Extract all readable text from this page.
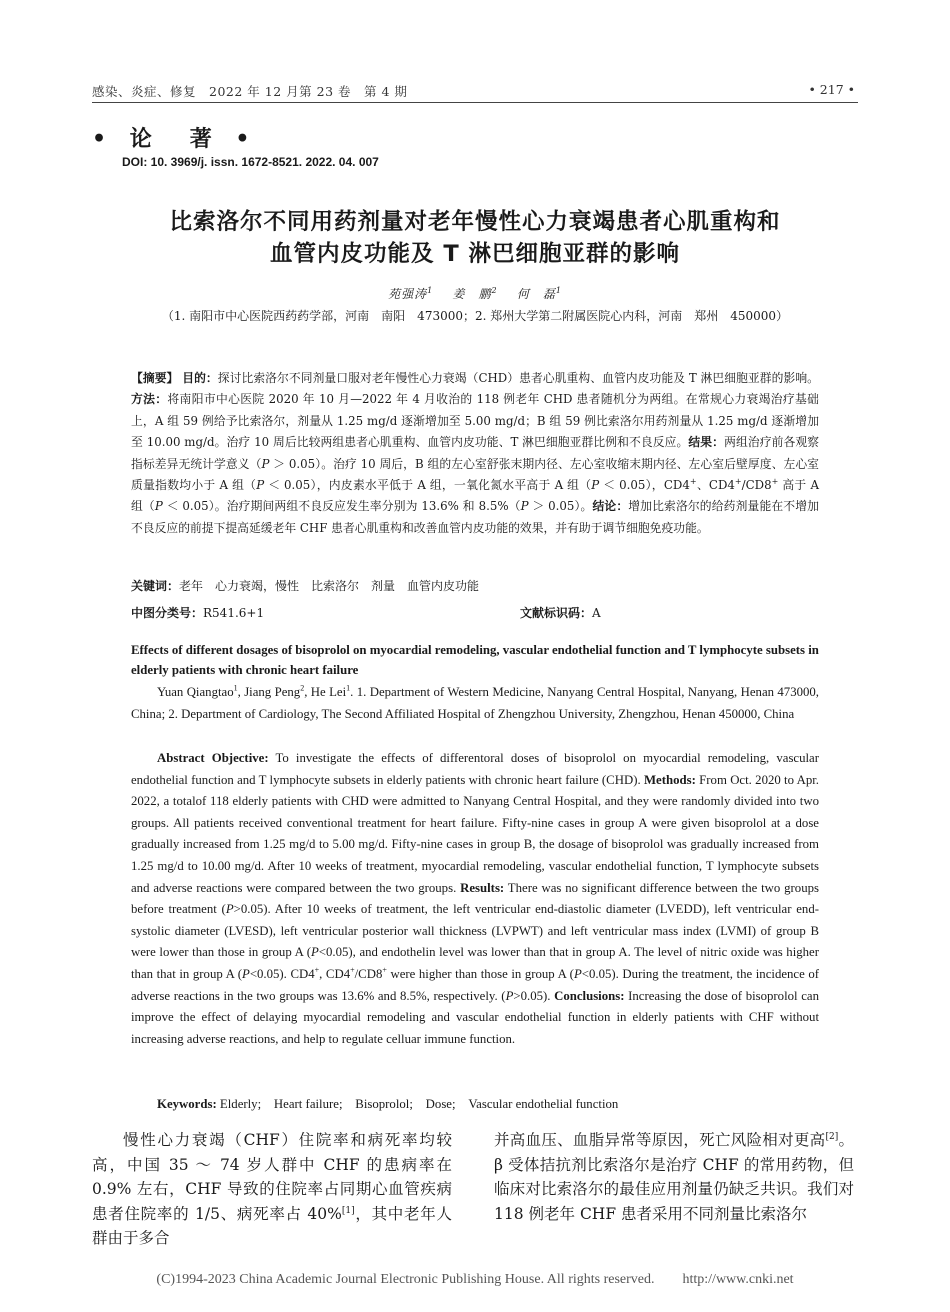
感染、炎症、修复　2022 年 12 月第 23 卷　第 4 期	• 217 •
• 论　著 •
DOI: 10. 3969/j. issn. 1672-8521. 2022. 04. 007
比索洛尔不同用药剂量对老年慢性心力衰竭患者心肌重构和
血管内皮功能及 T 淋巴细胞亚群的影响
苑强涛$^1$ 姜　鹏$^2$ 何　磊$^1$
（1. 南阳市中心医院西药药学部，河南　南阳　473000；2. 郑州大学第二附属医院心内科，河南　郑州　450000）
【摘要】 目的：探讨比索洛尔不同剂量口服对老年慢性心力衰竭（CHD）患者心肌重构、血管内皮功能及 T 淋巴细胞亚群的影响。方法：将南阳市中心医院 2020 年 10 月—2022 年 4 月收治的 118 例老年 CHD 患者随机分为两组。在常规心力衰竭治疗基础上，A 组 59 例给予比索洛尔，剂量从 1.25 mg/d 逐渐增加至 5.00 mg/d；B 组 59 例比索洛尔用药剂量从 1.25 mg/d 逐渐增加至 10.00 mg/d。治疗 10 周后比较两组患者心肌重构、血管内皮功能、T 淋巴细胞亚群比例和不良反应。结果：两组治疗前各观察指标差异无统计学意义（P ＞ 0.05）。治疗 10 周后，B 组的左心室舒张末期内径、左心室收缩末期内径、左心室后壁厚度、左心室质量指数均小于 A 组（P ＜ 0.05），内皮素水平低于 A 组，一氧化氮水平高于 A 组（P ＜ 0.05），CD4+、CD4+/CD8+ 高于 A 组（P ＜ 0.05）。治疗期间两组不良反应发生率分别为 13.6% 和 8.5%（P ＞ 0.05）。结论：增加比索洛尔的给药剂量能在不增加不良反应的前提下提高延缓老年 CHF 患者心肌重构和改善血管内皮功能的效果，并有助于调节细胞免疫功能。
关键词：老年　心力衰竭，慢性　比索洛尔　剂量　血管内皮功能
中图分类号：R541.6+1	文献标识码：A
Effects of different dosages of bisoprolol on myocardial remodeling, vascular endothelial function and T lymphocyte subsets in elderly patients with chronic heart failure
Yuan Qiangtao$^1$, Jiang Peng$^2$, He Lei$^1$. 1. Department of Western Medicine, Nanyang Central Hospital, Nanyang, Henan 473000, China; 2. Department of Cardiology, The Second Affiliated Hospital of Zhengzhou University, Zhengzhou, Henan 450000, China
Abstract Objective: To investigate the effects of differentoral doses of bisoprolol on myocardial remodeling, vascular endothelial function and T lymphocyte subsets in elderly patients with chronic heart failure (CHD). Methods: From Oct. 2020 to Apr. 2022, a totalof 118 elderly patients with CHD were admitted to Nanyang Central Hospital, and they were randomly divided into two groups. All patients received conventional treatment for heart failure. Fifty-nine cases in group A were given bisoprolol at a dose gradually increased from 1.25 mg/d to 5.00 mg/d. Fifty-nine cases in group B, the dosage of bisoprolol was gradually increased from 1.25 mg/d to 10.00 mg/d. After 10 weeks of treatment, myocardial remodeling, vascular endothelial function, T lymphocyte subsets and adverse reactions were compared between the two groups. Results: There was no significant difference between the two groups before treatment (P>0.05). After 10 weeks of treatment, the left ventricular end-diastolic diameter (LVEDD), left ventricular end-systolic diameter (LVESD), left ventricular posterior wall thickness (LVPWT) and left ventricular mass index (LVMI) of group B were lower than those in group A (P<0.05), and endothelin level was lower than that in group A. The level of nitric oxide was higher than that in group A (P<0.05). CD4+, CD4+/CD8+ were higher than those in group A (P<0.05). During the treatment, the incidence of adverse reactions in the two groups was 13.6% and 8.5%, respectively. (P>0.05). Conclusions: Increasing the dose of bisoprolol can improve the effect of delaying myocardial remodeling and vascular endothelial function in elderly patients with CHF without increasing adverse reactions, and help to regulate celluar immune function.
Keywords: Elderly;　Heart failure;　Bisoprolol;　Dose;　Vascular endothelial function
慢性心力衰竭（CHF）住院率和病死率均较高，中国 35 ～ 74 岁人群中 CHF 的患病率在 0.9% 左右，CHF 导致的住院率占同期心血管疾病患者住院率的 1/5、病死率占 40%[1]，其中老年人群由于多合
并高血压、血脂异常等原因，死亡风险相对更高[2]。β 受体拮抗剂比索洛尔是治疗 CHF 的常用药物，但临床对比索洛尔的最佳应用剂量仍缺乏共识。我们对 118 例老年 CHF 患者采用不同剂量比索洛尔
(C)1994-2023 China Academic Journal Electronic Publishing House. All rights reserved.　　http://www.cnki.net
